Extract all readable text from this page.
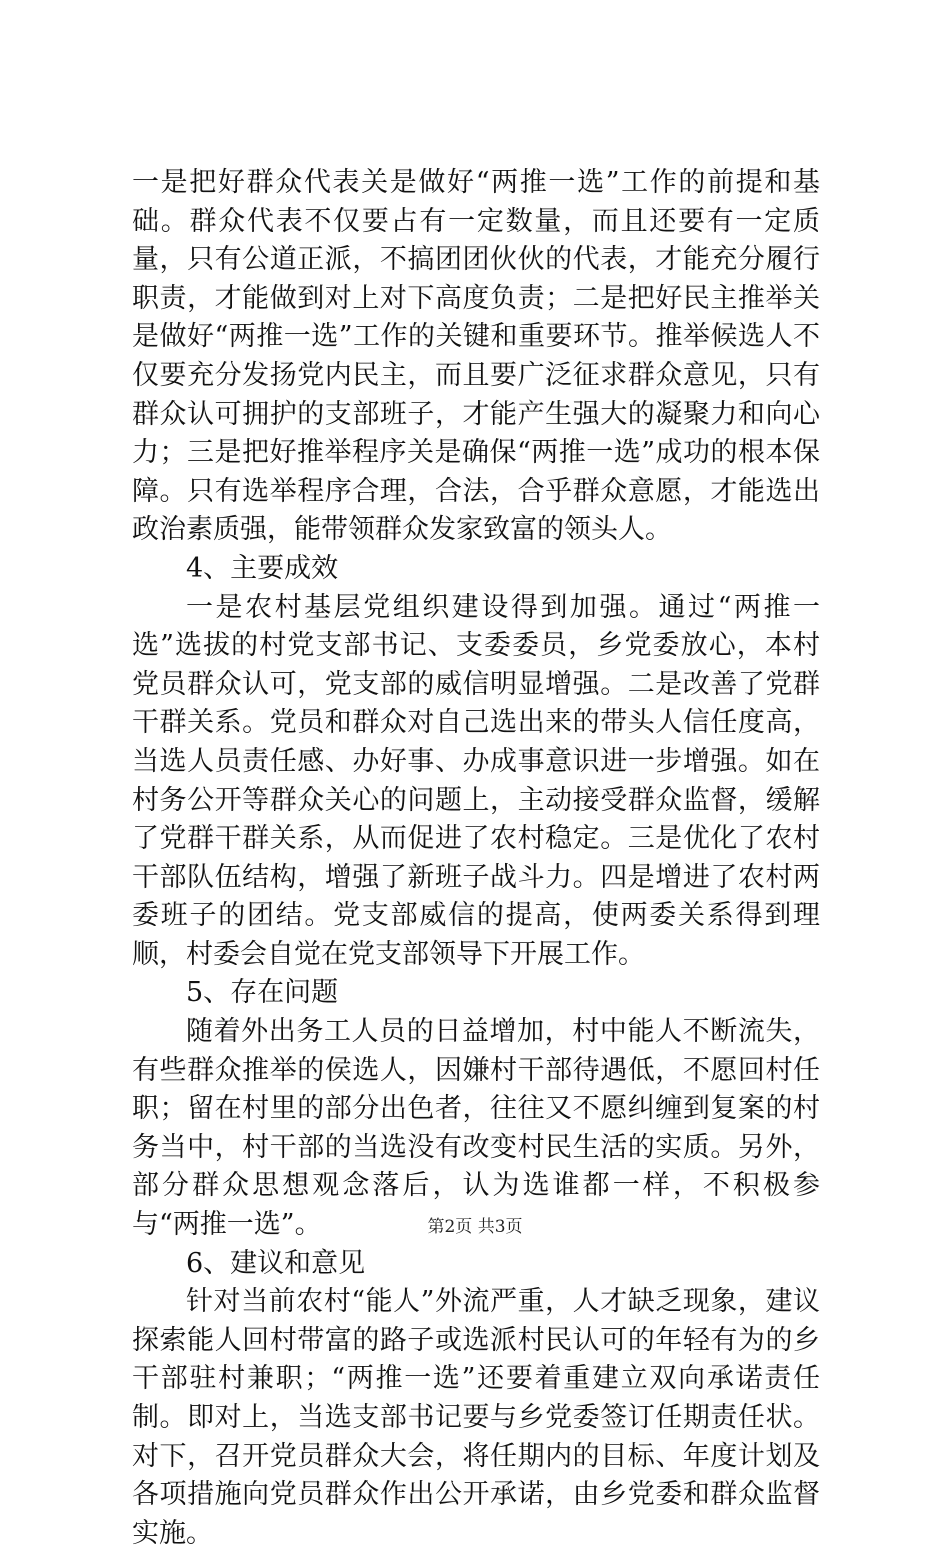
一是把好群众代表关是做好“两推一选”工作的前提和基础。群众代表不仅要占有一定数量，而且还要有一定质量，只有公道正派，不搞团团伙伙的代表，才能充分履行职责，才能做到对上对下高度负责；二是把好民主推举关是做好“两推一选”工作的关键和重要环节。推举候选人不仅要充分发扬党内民主，而且要广泛征求群众意见，只有群众认可拥护的支部班子，才能产生强大的凝聚力和向心力；三是把好推举程序关是确保“两推一选”成功的根本保障。只有选举程序合理，合法，合乎群众意愿，才能选出政治素质强，能带领群众发家致富的领头人。

4、主要成效

一是农村基层党组织建设得到加强。通过“两推一选”选拔的村党支部书记、支委委员，乡党委放心，本村党员群众认可，党支部的威信明显增强。二是改善了党群干群关系。党员和群众对自己选出来的带头人信任度高，当选人员责任感、办好事、办成事意识进一步增强。如在村务公开等群众关心的问题上，主动接受群众监督，缓解了党群干群关系，从而促进了农村稳定。三是优化了农村干部队伍结构，增强了新班子战斗力。四是增进了农村两委班子的团结。党支部威信的提高，使两委关系得到理顺，村委会自觉在党支部领导下开展工作。

5、存在问题

随着外出务工人员的日益增加，村中能人不断流失，有些群众推举的侯选人，因嫌村干部待遇低，不愿回村任职；留在村里的部分出色者，往往又不愿纠缠到复案的村务当中，村干部的当选没有改变村民生活的实质。另外，部分群众思想观念落后，认为选谁都一样，不积极参与“两推一选”。

6、建议和意见

针对当前农村“能人”外流严重，人才缺乏现象，建议探索能人回村带富的路子或选派村民认可的年轻有为的乡干部驻村兼职；“两推一选”还要着重建立双向承诺责任制。即对上，当选支部书记要与乡党委签订任期责任状。对下，召开党员群众大会，将任期内的目标、年度计划及各项措施向党员群众作出公开承诺，由乡党委和群众监督实施。

第2页 共3页
